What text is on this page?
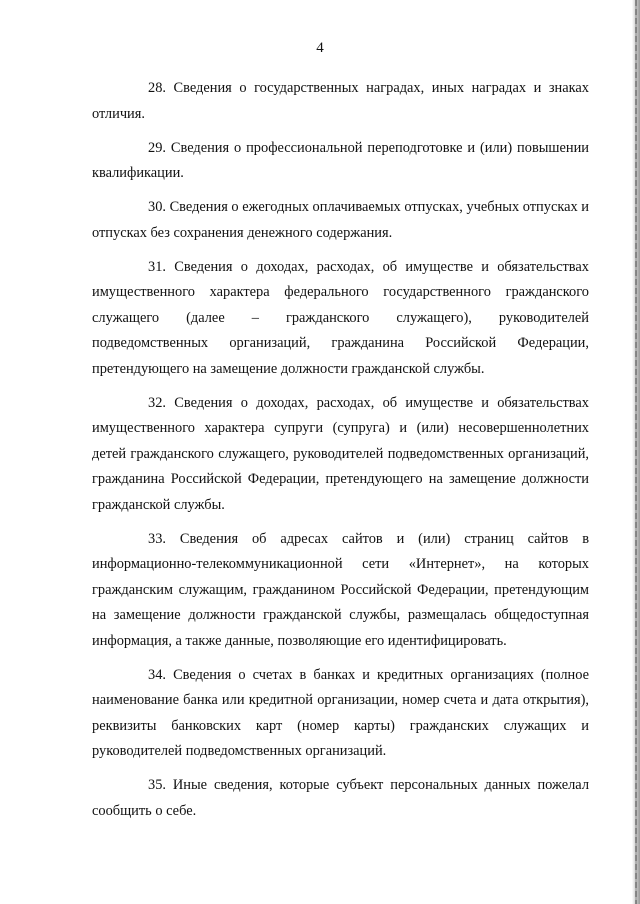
4

28. Сведения о государственных наградах, иных наградах и знаках отличия.

29. Сведения о профессиональной переподготовке и (или) повышении квалификации.

30. Сведения о ежегодных оплачиваемых отпусках, учебных отпусках и отпусках без сохранения денежного содержания.

31. Сведения о доходах, расходах, об имуществе и обязательствах имущественного характера федерального государственного гражданского служащего (далее – гражданского служащего), руководителей подведомственных организаций, гражданина Российской Федерации, претендующего на замещение должности гражданской службы.

32. Сведения о доходах, расходах, об имуществе и обязательствах имущественного характера супруги (супруга) и (или) несовершеннолетних детей гражданского служащего, руководителей подведомственных организаций, гражданина Российской Федерации, претендующего на замещение должности гражданской службы.

33. Сведения об адресах сайтов и (или) страниц сайтов в информационно-телекоммуникационной сети «Интернет», на которых гражданским служащим, гражданином Российской Федерации, претендующим на замещение должности гражданской службы, размещалась общедоступная информация, а также данные, позволяющие его идентифицировать.

34. Сведения о счетах в банках и кредитных организациях (полное наименование банка или кредитной организации, номер счета и дата открытия), реквизиты банковских карт (номер карты) гражданских служащих и руководителей подведомственных организаций.

35. Иные сведения, которые субъект персональных данных пожелал сообщить о себе.
